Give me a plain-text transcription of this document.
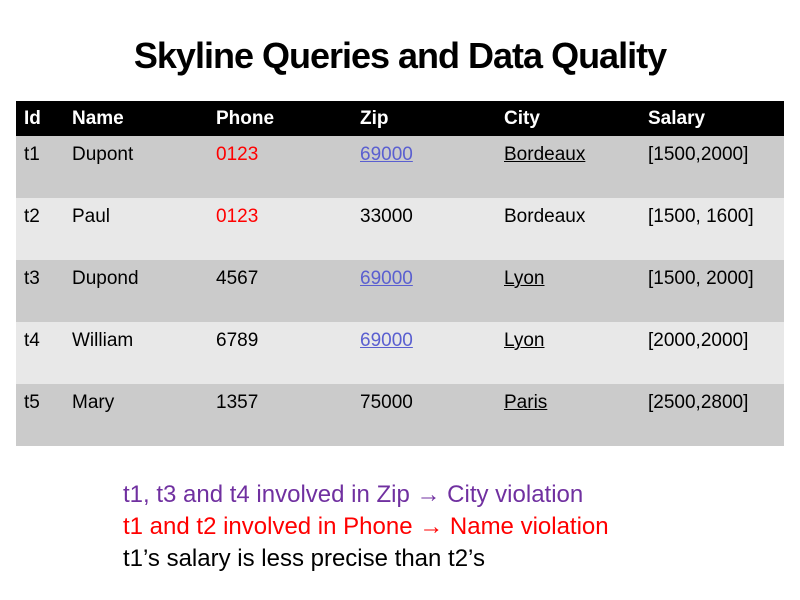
Skyline Queries and Data Quality
Id	Name	Phone	Zip	City	Salary
t1	Dupont	0123	69000	Bordeaux	[1500,2000]
t2	Paul	0123	33000	Bordeaux	[1500, 1600]
t3	Dupond	4567	69000	Lyon	[1500, 2000]
t4	William	6789	69000	Lyon	[2000,2000]
t5	Mary	1357	75000	Paris	[2500,2800]
t1, t3 and t4 involved in Zip → City violation
t1 and t2 involved in Phone → Name violation
t1’s salary is less precise than t2’s
